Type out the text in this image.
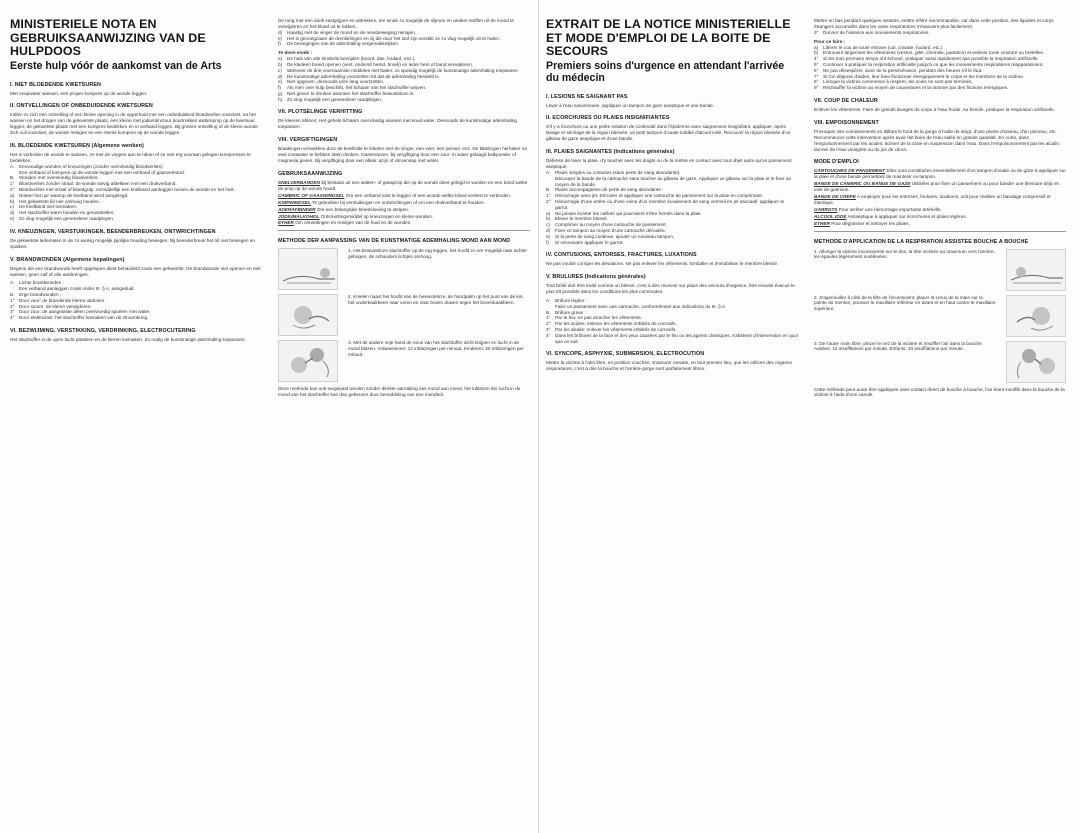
MINISTERIELE NOTA EN GEBRUIKSAANWIJZING VAN DE HULPDOOS
Eerste hulp vóór de aankomst van de Arts
I. NIET BLOEDENDE KWETSUREN

Met zeepwater wassen, een proper kompres op de wonde leggen.

II. ONTVELLINGEN OF ONBEDUIDENDE KWETSUREN

Indien er zich een ontvelling of een kleine opening in de opperhuid met een onbeduidend bloedverlies voordoet, na het wassen en het drogen van de gekwetste plaats, een kleine met jodiumtinctuur doortrokken wattenprop op de kwetsuur leggen, de gekwetste plaats met een kompres bedekken en in verband leggen. Bij grotere ontvelling of de kleine wonde zich vuil voordoet, de wonde reinigen en een steriel kompres op de wonde leggen.

III. BLOEDENDE KWETSUREN (Algemene wenken)

Het is verboden de wonde te wassen, ze met de vingers aan te raken of ze met erg vooraan gelegen kompressen te bedekken.

A. Eenvoudige wonden of kneuzingen (zonder overvloedig bloedverlies):
Een verband of kompres op de wonde leggen met een verband of gaasverband.
B. Wonden met overvloedig bloedverlies:
1° Bloedverlies zonder straal: de wonde stevig afdekken met een drukverband.
2° Bloedverlies met straal of bloedgulp: onmiddellijk een knelband aanleggen tussen de wonde en het hart.
a) Noteer het uur waarop de knelband werd aangelegd.
b) Het gekwetste lid niet omhoog houden.
c) De knelband niet losmaken.
d) Het slachtoffer warm houden en geruststellen.
e) Zo vlug mogelijk een geneesheer raadplegen.
IV. KNEUZINGEN, VERSTUIKINGEN, BEENDERBREUKEN, ONTWRICHTINGEN

De gekwetste ledematen in de zo weinig mogelijk pijnlijke houding bewegen. Bij beenderbreuk het lid niet bewegen en spalken.

V. BRANDWONDEN (Algemene bepalingen)

Degene die een brandwonde heeft opgelopen dient behandeld zoals een gekwetste. De brandwonde niet openen en niet wassen, geen zalf of olie aanbrengen.

A. Lichte brandwonden :
Een verband aanleggen zoals onder III. § A, aangeduid.
B. Erge brandwonden :
1° Door vuur: de brandende kleren uitdoven.
2° Door stoom: de kleren verwijderen.
3° Door zuur: de aangetaste delen overvloedig spoelen met water.
4° Door elektriciteit: het slachtoffer losmaken van de stroomkring.
VI. BEZWIJMING, VERSTIKKING, VERDRINKING, ELECTROCUTERING

Het slachtoffer in de open lucht plaatsen en de kleren losmaken. Zo nodig de kunstmatige ademhaling toepassen.

De tong met een doek vastgrijpen en uittrekken, ten einde zo mogelijk de slijmen en andere stoffen uit de mond te verwijderen en het bloed uit te lokken.

d) Haastig met de vinger de mond en de neusbeweging reinigen.
e) Het is genoegzaam de drenkelingen en zij die door het stof zijn verstikt ze zo vlug mogelijk uit te halen.
f) De bewegingen van de ademhaling vergemakkelijken.

Te doen einde :

a) De hals van alle hinderlis bevrijden (boord, das, foulard, enz.).
b) De kledeen breed openen (vest, onderst/ hemd, broek) en ieder hem of band verwijderen.
c) Wanneer de drie voornaamste middelen niet baten, zo spoedig mogelijk de kunstmatige ademhaling toepassen.
d) De kunstmatige ademhaling voortzetten tot dat de ademhaling hersteld is.
e) Niet opgeven, desnoods uren lang voortzetten.
f) Als men over hulp beschikt, het lichaam van het slachtoffer wrijven.
g) Niet geven te drinken wanneer het slachtoffer bewusteloos is.
h) Zo vlug mogelijk een geneesheer raadplegen.
VII. PLOTSELINGE VERHITTING

De kleeren afdoen; Het gehele lichaam overvloedig wassen met koud water. Desnoods de kunstmatige ademhaling toepassen.

VIII. VERGIFTIGINGEN

Braakingen verwekken door de keelholte te kittelen met de vinger, een veer, een pensel, enz. De kittelingen herhalen na veel zoutwater te hebben laten drinken. Daarentoven, bij vergiftiging door een zuur: in water gelaagd kalkpoeder of magnesia geven. Bij vergiftiging door een alkali: azijn of citroensap met water.

GEBRUIKSAANWIJZING

SNELVERBANDEN Zij bestaan uit een watten- of gaasprop die op de wonde dient gelegd te worden en een band welke de prop op de wonde houdt.

CAMBRIC OF GAASWINDSEL Om een verband vast te leggen of een wonde welke bloed verliest te verbinden.

KNIPWINDSEL Te gebruiken bij verstuikingen en ontwrichtingen of om een drukverband te houden.

ADERAFBINDER Om een belangrijke bloedvloeiing te stelpen.

JODIUMALKOHOL Ontsmettingsmiddel op kneuzingen en kleine wonden.

ETHER Om ontvettingen en reinigen van de huid en de wonden.

METHODE DER AANPASSING VAN DE KUNSTMATIGE ADEMHALING MOND AAN MOND

1. Het bewusteloze slachtoffer op de rug leggen, het hoofd zo ver mogelijk naar achter gebogen, de schouders lichtjes omhoog.

2. Knielen naast het hoofd van de bewusteloze, de handpalm op het punt van de kin, het onderkaakbeen naar voren en naar boven duwen tegen het bovenkaakbeen.

3. Met de andere vrije hand de neus van het slachtoffer dicht knijpen en lucht in de mond blazen. Volwassenen: 12 inblazingen per minuut. Kinderen: 20 inblazingen per minuut.

Deze methode kan ook toegepast worden zonder direkte aanraking van mond aan mond, het inblazen der lucht in de mond van het slachtoffer kan dan gebeuren door bemiddeling van een mondtuit.

EXTRAIT DE LA NOTICE MINISTERIELLE ET MODE D'EMPLOI DE LA BOITE DE SECOURS
Premiers soins d'urgence en attendant l'arrivée du médecin
I. LESIONS NE SAIGNANT PAS

Laver à l'eau savonneuse, appliquer un tampon de gaze aseptique et une bande.

II. ECORCHURES OU PLAIES INSIGNIFIANTES

S'il y a écorchure ou une petite solution de continuité dans l'épiderme avec saignement insignifiant, appliquer, après lavage et séchage de la région blessée, un petit tampon d'ouate imbibé d'alcool iodé. Recouvrir la région blessée d'un gâteau de gaze aseptique et d'une bande.

III. PLAIES SAIGNANTES (Indications générales)

Défense de laver la plaie, d'y toucher avec les doigts ou de la mettre en contact avec tout objet autre qu'un pansement aseptique.

A. Plaies simples ou contuses (sans perte de sang abondante):
Découper la bande de la cartouche sans toucher au gâteau de gaze. Appliquer ce gâteau sur la plaie et le fixer au moyen de la bande.
B. Plaies accompagnées de perte de sang abondante :
1° Hémorragie sans jet. Dérouler et appliquer une cartouche de pansement sur la plaie en comprimant.
2° Hémorragie d'une artère ou d'une veine d'un membre écoulement de sang vermeil en jet saccadé: appliquer le garrot.
a) Ne jamais écarter les caillots qui pourraient s'être formés dans la plaie.
b) Elever le membre blessé.
c) Comprimer au moyen d'une cartouche de pansement.
d) Fixer ce tampon au moyen d'une cartouche déroulée.
e) Si la perte de sang continue, ajouter un nouveau tampon.
f) Si nécessaire appliquer le garrot.
IV. CONTUSIONS, ENTORSES, FRACTURES, LUXATIONS

Ne pas vouloir corriger les déviations. Ne pas enlever les vêtements. Emballer et immobiliser le membre blessé.

V. BRULURES (Indications générales)

Tout brûlé doit être traité comme un blessé, c'est à dire recevoir sur place des secours d'urgence, être ensuite évacué le plus tôt possible dans les conditions les plus commodes.

A. Brûlure légère :
Faire un pansement avec une cartouche, conformément aux indications du III. § A.
B. Brûlure grave :
1° Par le feu: ne pas arracher les vêtements.
2° Par les acides: enlever les vêtements imbibés de corrosifs.
3° Par les alcalis: enlever les vêtements imbibés de corrosifs.
4° Dans les brûlures de la face et des yeux causées par le feu ou les agents chimiques, s'abstenir d'intervention en quoi que ce soit.
VI. SYNCOPE, ASPHYXIE, SUBMERSION, ELECTROCUTION

Mettre la victime à l'abri libre, en position couchée. S'assurer ensuite, en tout premier lieu, que les orifices des organes respiratoires, c'est à dire la bouche et l'arrière-gorge sont parfaitement libres.

Mettre en bas pendant quelques instants, mettre d'être recommandée, car dans cette position, des liquides et corps étrangers accumulés dans les voies respiratoires s'évacuent plus facilement.

3° Donner de l'aisance aux mouvements respiratoires.

Pour ce faire :

a) Libérer le cou de toute entrave (col, cravate, foulard, etc.).
b) Entrouvrir largement les vêtements (veston, gilet, chemise, pantalon) et enlever toute ceinture ou bretelles.
4° Si les trois premiers temps ont échoué, pratiquer aussi rapidement que possible la respiration artificielle.
5° Continuer à pratiquer la respiration artificielle jusqu'à ce que les mouvements respiratoires réapparaissent.
6° Ne pas désespérer, avoir de la persévérance, pendant des heures s'il le faut.
7° Si l'on dispose d'aides, leur faire frictionner énergiquement le corps et les membres de la victime.
8° Lorsque la victime commence à respirer, les soins ne sont pas terminés.
9° Réchauffer la victime au moyen de couvertures et la ranimer par des frictions énergiques.
VII. COUP DE CHALEUR

Enlever les vêtements. Faire de grands lavages du corps à l'eau froide. Au besoin, pratiquer la respiration artificielle.

VIII. EMPOISONNEMENT

Provoquer des vomissements en titillant le fond de la gorge à l'aide du doigt, d'une plume d'oiseau, d'un pinceau, etc. Recommencer cette intervention après avoir fait boire de l'eau salée en grande quantité. En outre, dans l'empoisonnement par les acides: donner de la craie en suspension dans l'eau. Dans l'empoisonnement par les alcalis: donner de l'eau vinaigrée ou du jus de citron.

MODE D'EMPLOI

CARTOUCHES DE PANSEMENT Elles sont constituées essentiellement d'un tampon d'ouate ou de gaze à appliquer sur la plaie et d'une bande permettant de maintenir ce tampon.

BANDE DE CAMBRIC OU BANDE DE GAZE Utilisées pour fixer un pansement ou pour bander une blessure déjà en voie de guérison.

BANDE DE CREPE A employer pour les entorses, foulures, luxations, soit pour réaliser un bandage compressif et élastique.

GARROTS Pour arrêter une hémorragie importante artérielle.

ALCOOL IODE Antiseptique à appliquer sur écorchures et plaies légères.

ETHER Pour dégraisser et nettoyer les plaies.

METHODE D'APPLICATION DE LA RESPIRATION ASSISTEE BOUCHE A BOUCHE

1. Allonger la victime inconsciente sur le dos, la tête inclinée au maximum vers l'arrière, les épaules légèrement surélevées.

2. S'agenouiller à côté de la tête de l'inconscient, placer la creux de la main sur la pointe du menton, pousser le maxillaire inférieur en avant et en haut contre le maxillaire supérieur.

3. De l'autre main libre, pincer le nez de la victime et insuffler l'air dans la bouche. Adultes: 12 insufflations par minute. Enfants: 20 insufflations par minute.

Cette méthode peut aussi être appliquée sans contact direct de bouche à bouche, l'air étant insufflé dans la bouche de la victime à l'aide d'une canule.
